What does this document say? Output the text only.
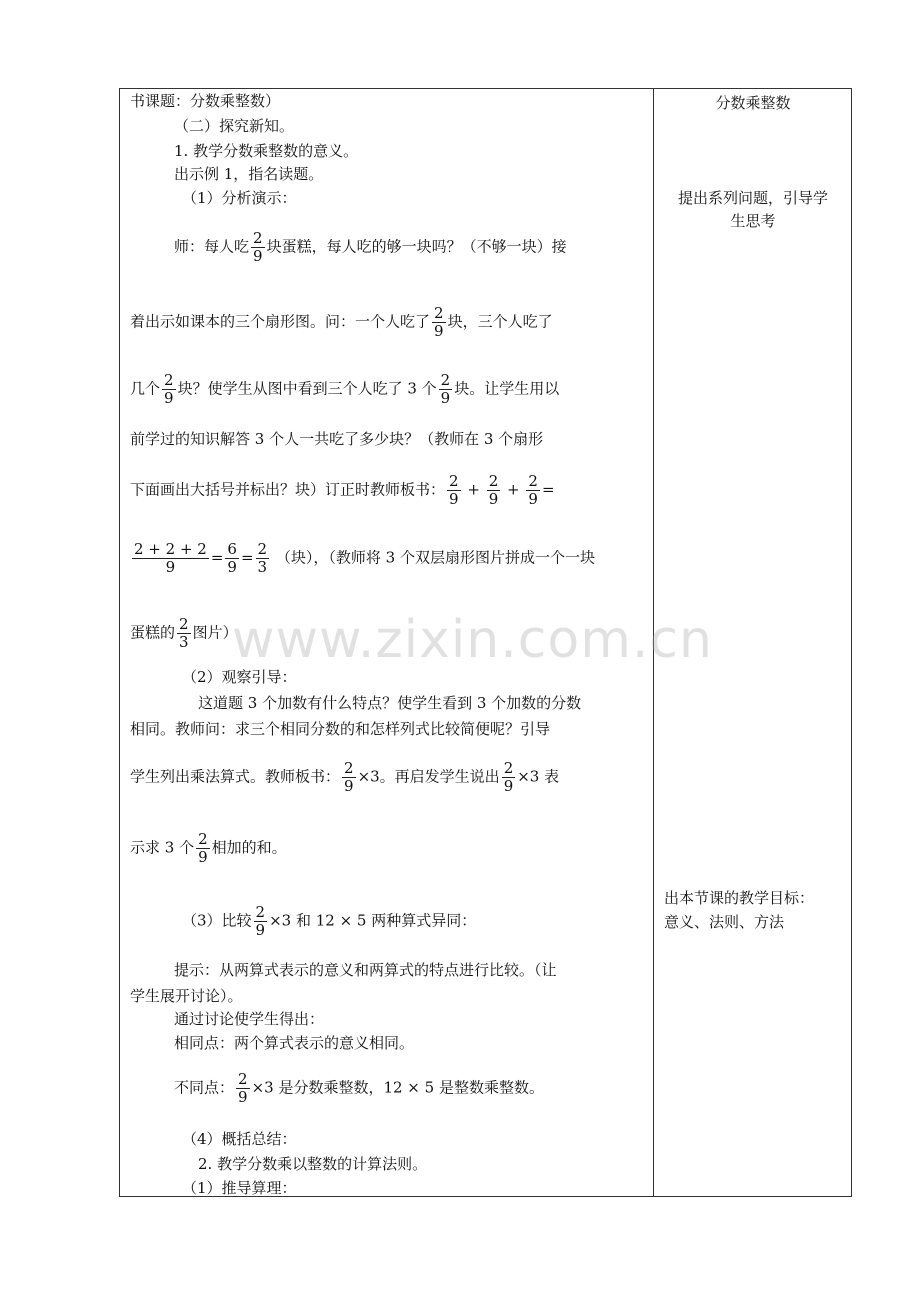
书课题：分数乘整数）
（二）探究新知。
1. 教学分数乘整数的意义。
出示例 1，指名读题。
（1）分析演示：
师：每人吃 $\frac{2}{9}$ 块蛋糕，每人吃的够一块吗？（不够一块）接
着出示如课本的三个扇形图。问：一个人吃了 $\frac{2}{9}$ 块，三个人吃了
几个 $\frac{2}{9}$ 块？使学生从图中看到三个人吃了 3 个 $\frac{2}{9}$ 块。让学生用以
前学过的知识解答 3 个人一共吃了多少块？（教师在 3 个扇形
下面画出大括号并标出？块）订正时教师板书： $\frac{2}{9} + \frac{2}{9} + \frac{2}{9}$ =
$\frac{2 + 2 + 2}{9} = \frac{6}{9} = \frac{2}{3}$ （块），（教师将 3 个双层扇形图片拼成一个一块
蛋糕的 $\frac{2}{3}$ 图片）
（2）观察引导：
这道题 3 个加数有什么特点？使学生看到 3 个加数的分数
相同。教师问：求三个相同分数的和怎样列式比较简便呢？引导
学生列出乘法算式。教师板书： $\frac{2}{9} \times 3$。再启发学生说出 $\frac{2}{9} \times 3$ 表
示求 3 个 $\frac{2}{9}$ 相加的和。
（3）比较 $\frac{2}{9} \times 3$ 和 12 × 5 两种算式异同：
提示：从两算式表示的意义和两算式的特点进行比较。（让
学生展开讨论）。
通过讨论使学生得出：
相同点：两个算式表示的意义相同。
不同点： $\frac{2}{9} \times 3$ 是分数乘整数，12 × 5 是整数乘整数。
（4）概括总结：
2. 教学分数乘以整数的计算法则。
（1）推导算理：
分数乘整数
提出系列问题，引导学
生思考
出本节课的教学目标：
意义、法则、方法
www.zixin.com.cn
